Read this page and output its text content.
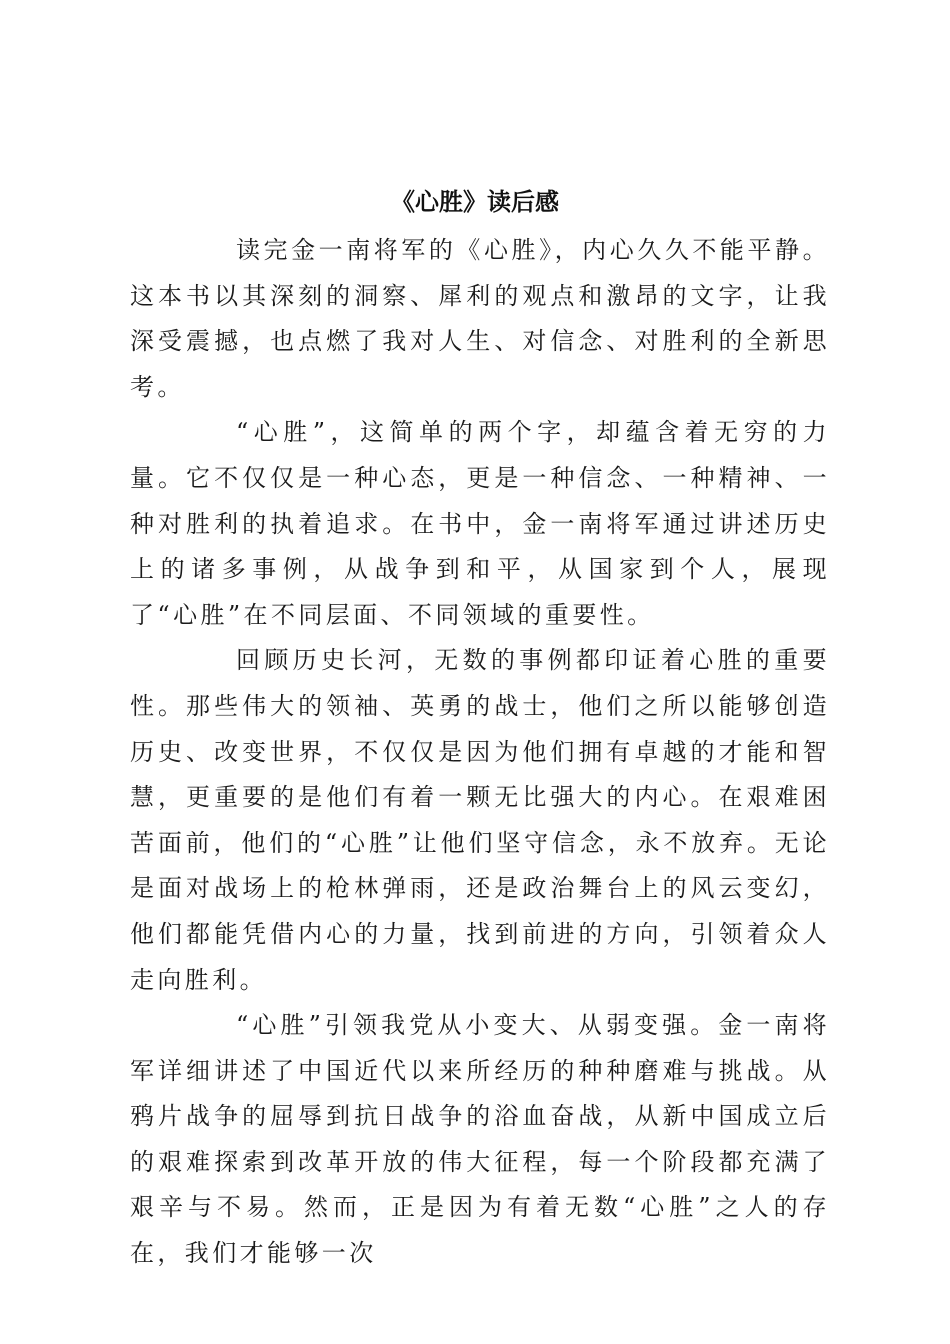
《心胜》读后感

读完金一南将军的《心胜》，内心久久不能平静。这本书以其深刻的洞察、犀利的观点和激昂的文字，让我深受震撼，也点燃了我对人生、对信念、对胜利的全新思考。

“心胜”，这简单的两个字，却蕴含着无穷的力量。它不仅仅是一种心态，更是一种信念、一种精神、一种对胜利的执着追求。在书中，金一南将军通过讲述历史上的诸多事例，从战争到和平，从国家到个人，展现了“心胜”在不同层面、不同领域的重要性。

回顾历史长河，无数的事例都印证着心胜的重要性。那些伟大的领袖、英勇的战士，他们之所以能够创造历史、改变世界，不仅仅是因为他们拥有卓越的才能和智慧，更重要的是他们有着一颗无比强大的内心。在艰难困苦面前，他们的“心胜”让他们坚守信念，永不放弃。无论是面对战场上的枪林弹雨，还是政治舞台上的风云变幻，他们都能凭借内心的力量，找到前进的方向，引领着众人走向胜利。

“心胜”引领我党从小变大、从弱变强。金一南将军详细讲述了中国近代以来所经历的种种磨难与挑战。从鸦片战争的屈辱到抗日战争的浴血奋战，从新中国成立后的艰难探索到改革开放的伟大征程，每一个阶段都充满了艰辛与不易。然而，正是因为有着无数“心胜”之人的存在，我们才能够一次
